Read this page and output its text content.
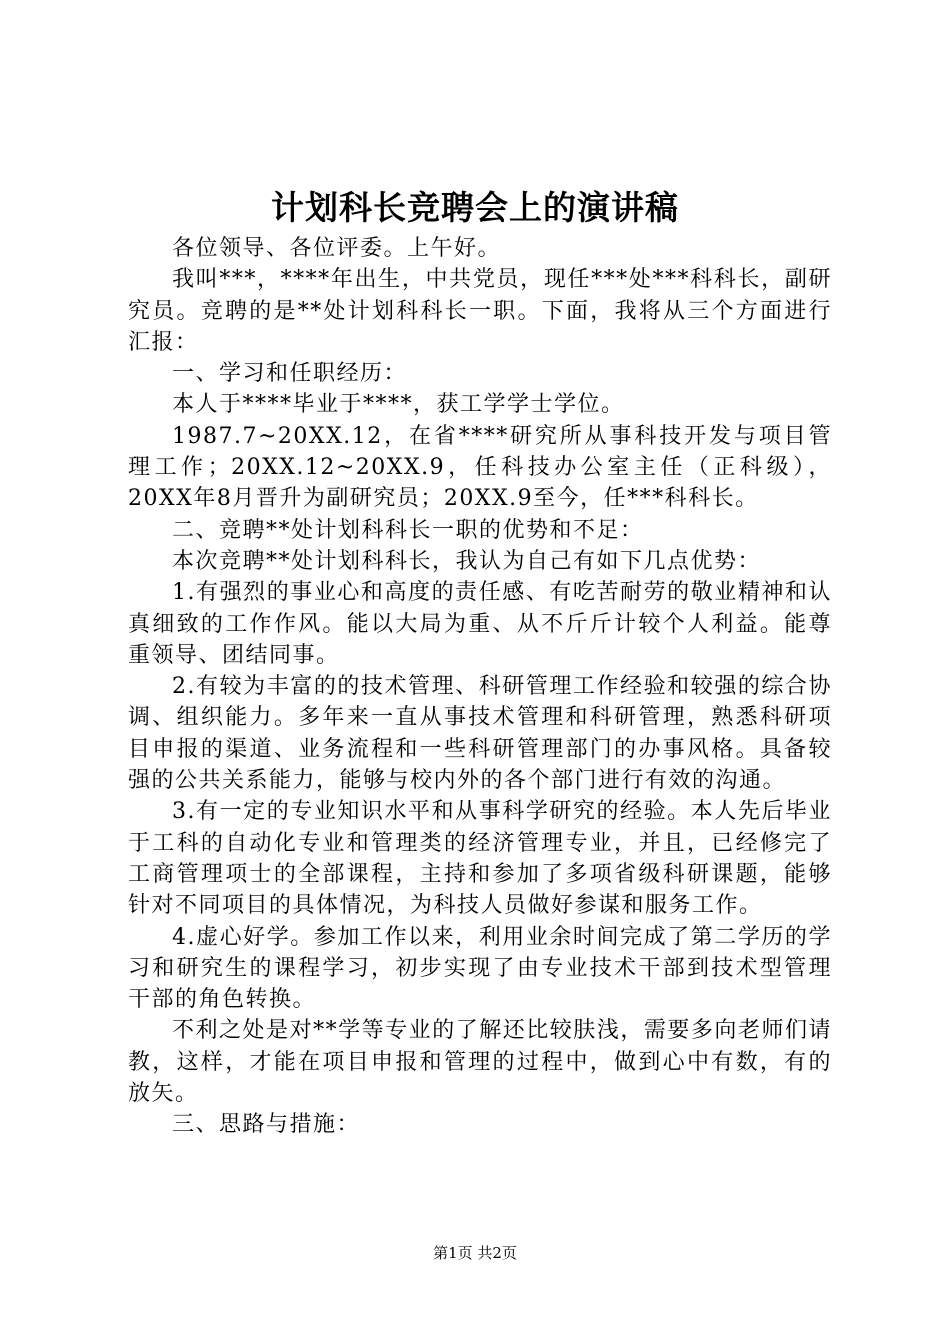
计划科长竞聘会上的演讲稿

各位领导、各位评委。上午好。

我叫***，****年出生，中共党员，现任***处***科科长，副研究员。竞聘的是**处计划科科长一职。下面，我将从三个方面进行汇报：

一、学习和任职经历：

本人于****毕业于****，获工学学士学位。

1987.7~20XX.12，在省****研究所从事科技开发与项目管理工作；20XX.12~20XX.9，任科技办公室主任（正科级），20XX年8月晋升为副研究员；20XX.9至今，任***科科长。

二、竞聘**处计划科科长一职的优势和不足：

本次竞聘**处计划科科长，我认为自己有如下几点优势：

1.有强烈的事业心和高度的责任感、有吃苦耐劳的敬业精神和认真细致的工作作风。能以大局为重、从不斤斤计较个人利益。能尊重领导、团结同事。

2.有较为丰富的的技术管理、科研管理工作经验和较强的综合协调、组织能力。多年来一直从事技术管理和科研管理，熟悉科研项目申报的渠道、业务流程和一些科研管理部门的办事风格。具备较强的公共关系能力，能够与校内外的各个部门进行有效的沟通。

3.有一定的专业知识水平和从事科学研究的经验。本人先后毕业于工科的自动化专业和管理类的经济管理专业，并且，已经修完了工商管理项士的全部课程，主持和参加了多项省级科研课题，能够针对不同项目的具体情况，为科技人员做好参谋和服务工作。

4.虚心好学。参加工作以来，利用业余时间完成了第二学历的学习和研究生的课程学习，初步实现了由专业技术干部到技术型管理干部的角色转换。

不利之处是对**学等专业的了解还比较肤浅，需要多向老师们请教，这样，才能在项目申报和管理的过程中，做到心中有数，有的放矢。

三、思路与措施：

第1页 共2页
